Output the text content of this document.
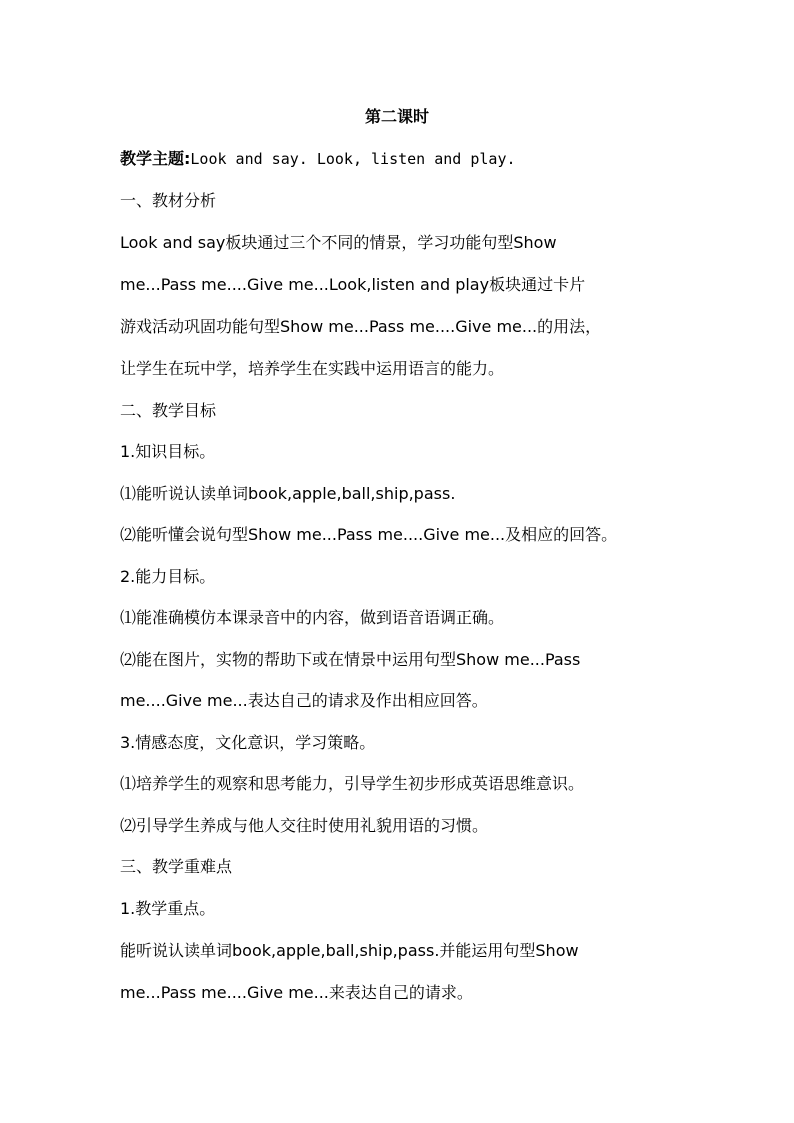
第二课时
教学主题:Look and say. Look, listen and play.
一、教材分析
Look and say板块通过三个不同的情景，学习功能句型Show
me...Pass me....Give me...Look,listen and play板块通过卡片
游戏活动巩固功能句型Show me...Pass me....Give me...的用法，
让学生在玩中学，培养学生在实践中运用语言的能力。
二、教学目标
1.知识目标。
⑴能听说认读单词book,apple,ball,ship,pass.
⑵能听懂会说句型Show me...Pass me....Give me...及相应的回答。
2.能力目标。
⑴能准确模仿本课录音中的内容，做到语音语调正确。
⑵能在图片，实物的帮助下或在情景中运用句型Show me...Pass
me....Give me...表达自己的请求及作出相应回答。
3.情感态度，文化意识，学习策略。
⑴培养学生的观察和思考能力，引导学生初步形成英语思维意识。
⑵引导学生养成与他人交往时使用礼貌用语的习惯。
三、教学重难点
1.教学重点。
能听说认读单词book,apple,ball,ship,pass.并能运用句型Show
me...Pass me....Give me...来表达自己的请求。
